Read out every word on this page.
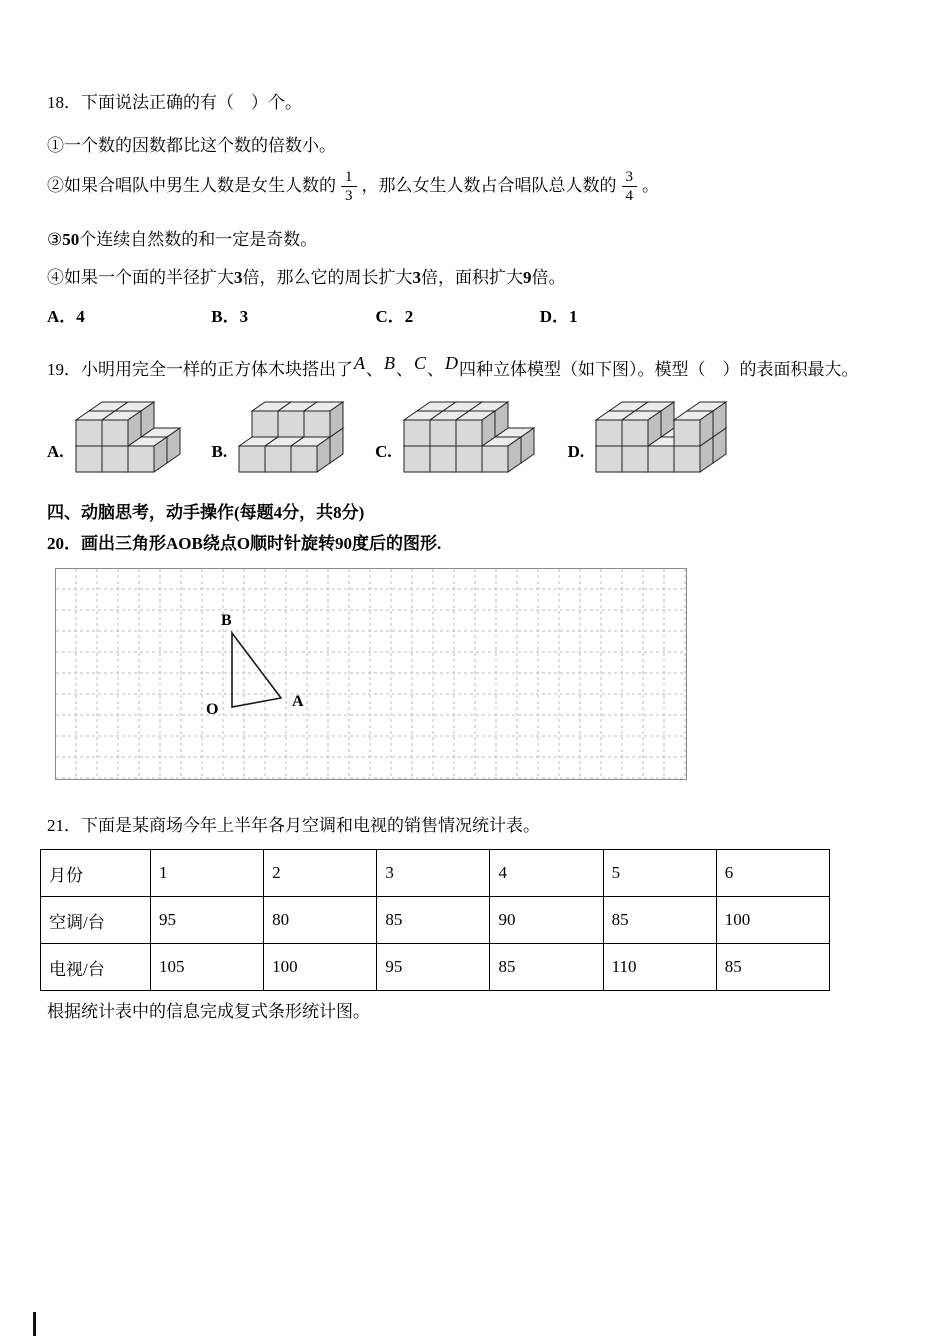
18．下面说法正确的有（　）个。

①一个数的因数都比这个数的倍数小。

②如果合唱队中男生人数是女生人数的 $\frac{1}{3}$ ，那么女生人数占合唱队总人数的 $\frac{3}{4}$ 。

③50个连续自然数的和一定是奇数。

④如果一个面的半径扩大3倍，那么它的周长扩大3倍，面积扩大9倍。

A．4	B．3	C．2	D．1

19．小明用完全一样的正方体木块搭出了A、B、C、D四种立体模型（如下图）。模型（　）的表面积最大。

A.	B.	C.	D.

四、动脑思考，动手操作(每题4分，共8分)

20．画出三角形AOB绕点O顺时针旋转90度后的图形.

B
O	A

21．下面是某商场今年上半年各月空调和电视的销售情况统计表。

月份	1	2	3	4	5	6
空调/台	95	80	85	90	85	100
电视/台	105	100	95	85	110	85

根据统计表中的信息完成复式条形统计图。
